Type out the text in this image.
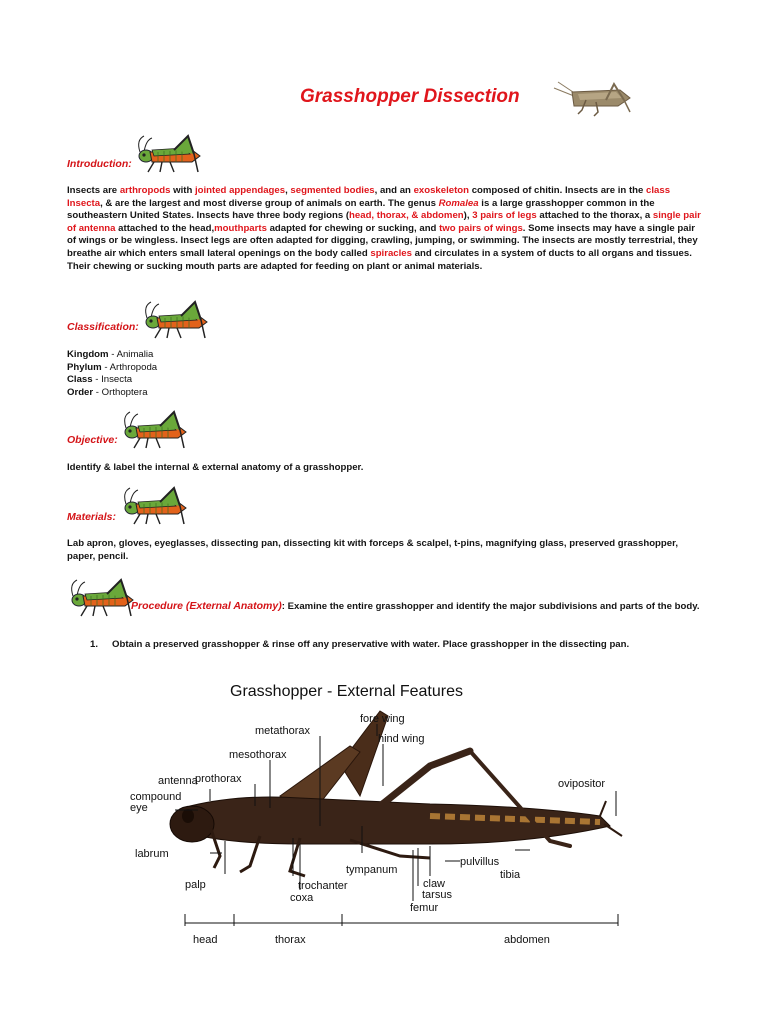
Grasshopper Dissection
Introduction:
Insects are arthropods with jointed appendages, segmented bodies, and an exoskeleton composed of chitin. Insects are in the class Insecta, & are the largest and most diverse group of animals on earth. The genus Romalea is a large grasshopper common in the southeastern United States. Insects have three body regions (head, thorax, & abdomen), 3 pairs of legs attached to the thorax, a single pair of antenna attached to the head,mouthparts adapted for chewing or sucking, and two pairs of wings. Some insects may have a single pair of wings or be wingless. Insect legs are often adapted for digging, crawling, jumping, or swimming. The insects are mostly terrestrial, they breathe air which enters small lateral openings on the body called spiracles and circulates in a system of ducts to all organs and tissues. Their chewing or sucking mouth parts are adapted for feeding on plant or animal materials.
Classification:
Kingdom - Animalia
Phylum - Arthropoda
Class - Insecta
Order - Orthoptera
Objective:
Identify & label the internal & external anatomy of a grasshopper.
Materials:
Lab apron, gloves, eyeglasses, dissecting pan, dissecting kit with forceps & scalpel, t-pins, magnifying glass, preserved grasshopper, paper, pencil.
Procedure (External Anatomy): Examine the entire grasshopper and identify the major subdivisions and parts of the body.
1. Obtain a preserved grasshopper & rinse off any preservative with water. Place grasshopper in the dissecting pan.
Grasshopper - External Features
fore wing
metathorax
hind wing
mesothorax
prothorax
antenna	ovipositor
compound
eye
labrum
pulvillus
tympanum	tibia
claw
palp	trochanter
tarsus
coxa
femur
head	thorax	abdomen
